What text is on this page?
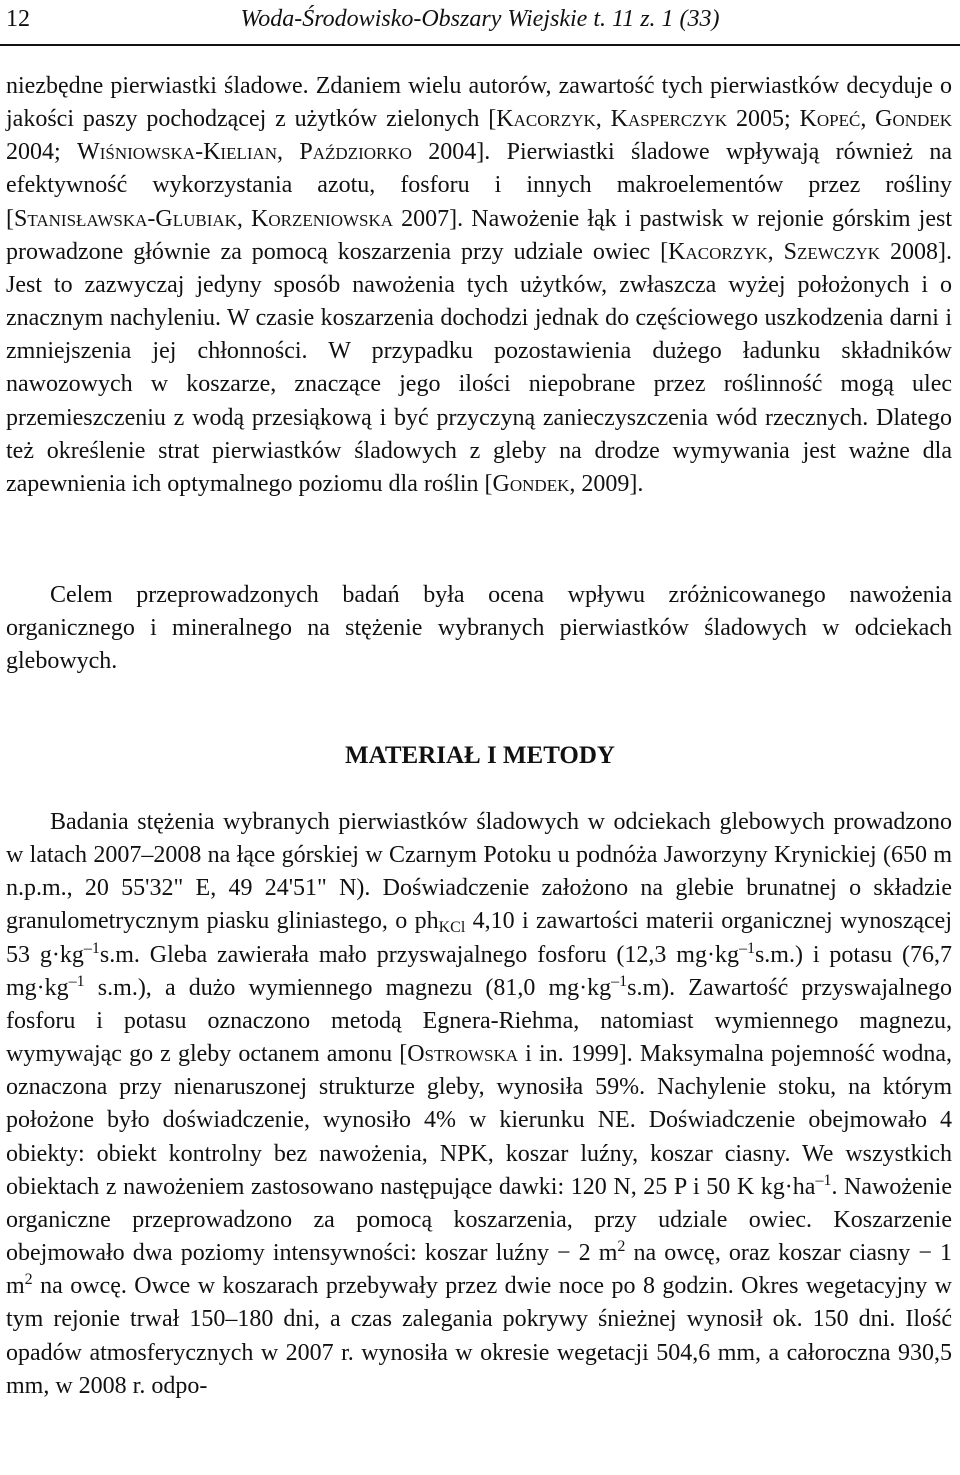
12	Woda-Środowisko-Obszary Wiejskie t. 11 z. 1 (33)

niezbędne pierwiastki śladowe. Zdaniem wielu autorów, zawartość tych pierwiastków decyduje o jakości paszy pochodzącej z użytków zielonych [Kacorzyk, Kasperczyk 2005; Kopeć, Gondek 2004; Wiśniowska-Kielian, Paździorko 2004]. Pierwiastki śladowe wpływają również na efektywność wykorzystania azotu, fosforu i innych makroelementów przez rośliny [Stanisławska-Glubiak, Korzeniowska 2007]. Nawożenie łąk i pastwisk w rejonie górskim jest prowadzone głównie za pomocą koszarzenia przy udziale owiec [Kacorzyk, Szewczyk 2008]. Jest to zazwyczaj jedyny sposób nawożenia tych użytków, zwłaszcza wyżej położonych i o znacznym nachyleniu. W czasie koszarzenia dochodzi jednak do częściowego uszkodzenia darni i zmniejszenia jej chłonności. W przypadku pozostawienia dużego ładunku składników nawozowych w koszarze, znaczące jego ilości niepobrane przez roślinność mogą ulec przemieszczeniu z wodą przesiąkową i być przyczyną zanieczyszczenia wód rzecznych. Dlatego też określenie strat pierwiastków śladowych z gleby na drodze wymywania jest ważne dla zapewnienia ich optymalnego poziomu dla roślin [Gondek, 2009].

Celem przeprowadzonych badań była ocena wpływu zróżnicowanego nawożenia organicznego i mineralnego na stężenie wybranych pierwiastków śladowych w odciekach glebowych.

MATERIAŁ I METODY

Badania stężenia wybranych pierwiastków śladowych w odciekach glebowych prowadzono w latach 2007–2008 na łące górskiej w Czarnym Potoku u podnóża Jaworzyny Krynickiej (650 m n.p.m., 20 55'32" E, 49 24'51" N). Doświadczenie założono na glebie brunatnej o składzie granulometrycznym piasku gliniastego, o $ph_{KCl}$ 4,10 i zawartości materii organicznej wynoszącej 53 $g\cdot kg^{-1}s.m$. Gleba zawierała mało przyswajalnego fosforu (12,3 $mg\cdot kg^{-1}s.m$.) i potasu (76,7 $mg\cdot kg^{-1}$ s.m.), a dużo wymiennego magnezu (81,0 $mg\cdot kg^{-1}s.m$). Zawartość przyswajalnego fosforu i potasu oznaczono metodą Egnera-Riehma, natomiast wymiennego magnezu, wymywając go z gleby octanem amonu [Ostrowska i in. 1999]. Maksymalna pojemność wodna, oznaczona przy nienaruszonej strukturze gleby, wynosiła 59%. Nachylenie stoku, na którym położone było doświadczenie, wynosiło 4% w kierunku NE. Doświadczenie obejmowało 4 obiekty: obiekt kontrolny bez nawożenia, NPK, koszar luźny, koszar ciasny. We wszystkich obiektach z nawożeniem zastosowano następujące dawki: 120 N, 25 P i 50 K $kg\cdot ha^{-1}$. Nawożenie organiczne przeprowadzono za pomocą koszarzenia, przy udziale owiec. Koszarzenie obejmowało dwa poziomy intensywności: koszar luźny − 2 $m^2$ na owcę, oraz koszar ciasny − 1 $m^2$ na owcę. Owce w koszarach przebywały przez dwie noce po 8 godzin. Okres wegetacyjny w tym rejonie trwał 150–180 dni, a czas zalegania pokrywy śnieżnej wynosił ok. 150 dni. Ilość opadów atmosferycznych w 2007 r. wynosiła w okresie wegetacji 504,6 mm, a całoroczna 930,5 mm, w 2008 r. odpo-
